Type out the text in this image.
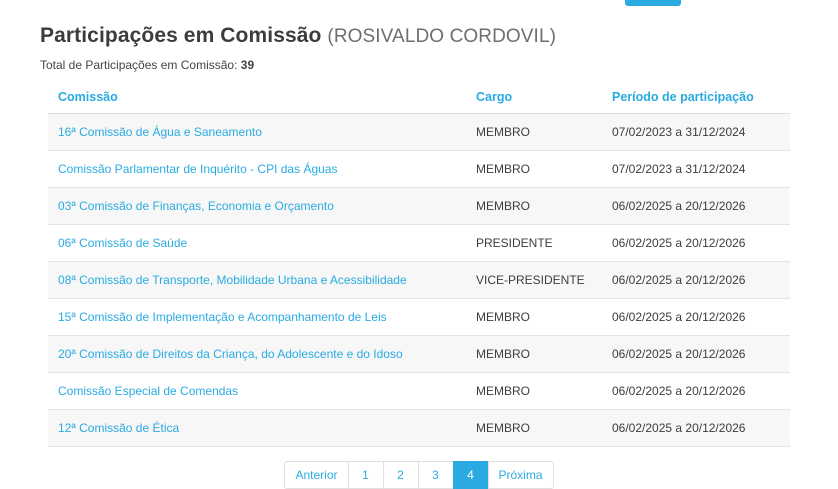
Participações em Comissão (ROSIVALDO CORDOVIL)
Total de Participações em Comissão: 39
Comissão	Cargo	Período de participação
16ª Comissão de Água e Saneamento	MEMBRO	07/02/2023 a 31/12/2024
Comissão Parlamentar de Inquérito - CPI das Águas	MEMBRO	07/02/2023 a 31/12/2024
03ª Comissão de Finanças, Economia e Orçamento	MEMBRO	06/02/2025 a 20/12/2026
06ª Comissão de Saúde	PRESIDENTE	06/02/2025 a 20/12/2026
08ª Comissão de Transporte, Mobilidade Urbana e Acessibilidade	VICE-PRESIDENTE	06/02/2025 a 20/12/2026
15ª Comissão de Implementação e Acompanhamento de Leis	MEMBRO	06/02/2025 a 20/12/2026
20ª Comissão de Direitos da Criança, do Adolescente e do Idoso	MEMBRO	06/02/2025 a 20/12/2026
Comissão Especial de Comendas	MEMBRO	06/02/2025 a 20/12/2026
12ª Comissão de Ética	MEMBRO	06/02/2025 a 20/12/2026
Anterior	1	2	3	4	Próxima
